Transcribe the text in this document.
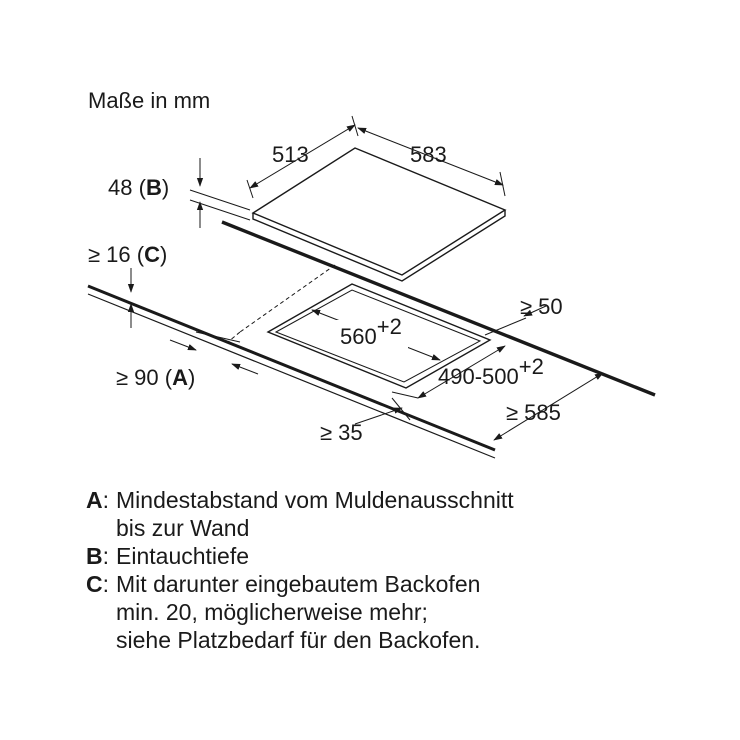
Maße in mm
513	583
48 (B)
≥ 16 (C)
≥ 90 (A)
560+2
490-500+2
≥ 50
≥ 35
≥ 585
A : Mindestabstand vom Muldenausschnitt
bis zur Wand
B : Eintauchtiefe
C : Mit darunter eingebautem Backofen
min. 20, möglicherweise mehr;
siehe Platzbedarf für den Backofen.
